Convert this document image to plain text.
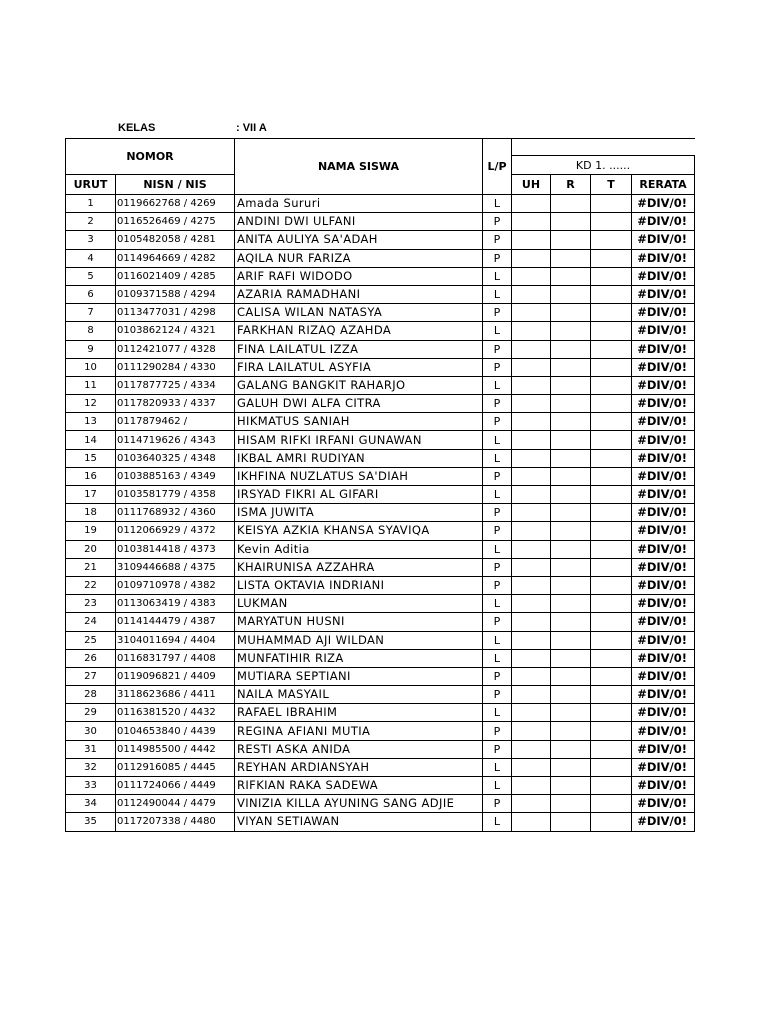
KELAS	: VII A
NOMOR		NAMA SISWA	L/P				
				KD 1. ......			
URUT	NISN / NIS			UH	R	T	RERATA
1	0119662768 / 4269	Amada Sururi	L				#DIV/0!
2	0116526469 / 4275	ANDINI DWI ULFANI	P				#DIV/0!
3	0105482058 / 4281	ANITA AULIYA SA'ADAH	P				#DIV/0!
4	0114964669 / 4282	AQILA NUR FARIZA	P				#DIV/0!
5	0116021409 / 4285	ARIF RAFI WIDODO	L				#DIV/0!
6	0109371588 / 4294	AZARIA RAMADHANI	L				#DIV/0!
7	0113477031 / 4298	CALISA WILAN NATASYA	P				#DIV/0!
8	0103862124 / 4321	FARKHAN RIZAQ AZAHDA	L				#DIV/0!
9	0112421077 / 4328	FINA LAILATUL IZZA	P				#DIV/0!
10	0111290284 / 4330	FIRA LAILATUL ASYFIA	P				#DIV/0!
11	0117877725 / 4334	GALANG BANGKIT RAHARJO	L				#DIV/0!
12	0117820933 / 4337	GALUH DWI ALFA CITRA	P				#DIV/0!
13	0117879462 /	HIKMATUS SANIAH	P				#DIV/0!
14	0114719626 / 4343	HISAM RIFKI IRFANI GUNAWAN	L				#DIV/0!
15	0103640325 / 4348	IKBAL AMRI RUDIYAN	L				#DIV/0!
16	0103885163 / 4349	IKHFINA NUZLATUS SA'DIAH	P				#DIV/0!
17	0103581779 / 4358	IRSYAD FIKRI AL GIFARI	L				#DIV/0!
18	0111768932 / 4360	ISMA JUWITA	P				#DIV/0!
19	0112066929 / 4372	KEISYA AZKIA KHANSA SYAVIQA	P				#DIV/0!
20	0103814418 / 4373	Kevin Aditia	L				#DIV/0!
21	3109446688 / 4375	KHAIRUNISA AZZAHRA	P				#DIV/0!
22	0109710978 / 4382	LISTA OKTAVIA INDRIANI	P				#DIV/0!
23	0113063419 / 4383	LUKMAN	L				#DIV/0!
24	0114144479 / 4387	MARYATUN HUSNI	P				#DIV/0!
25	3104011694 / 4404	MUHAMMAD AJI WILDAN	L				#DIV/0!
26	0116831797 / 4408	MUNFATIHIR RIZA	L				#DIV/0!
27	0119096821 / 4409	MUTIARA SEPTIANI	P				#DIV/0!
28	3118623686 / 4411	NAILA MASYAIL	P				#DIV/0!
29	0116381520 / 4432	RAFAEL IBRAHIM	L				#DIV/0!
30	0104653840 / 4439	REGINA AFIANI MUTIA	P				#DIV/0!
31	0114985500 / 4442	RESTI ASKA ANIDA	P				#DIV/0!
32	0112916085 / 4445	REYHAN ARDIANSYAH	L				#DIV/0!
33	0111724066 / 4449	RIFKIAN RAKA SADEWA	L				#DIV/0!
34	0112490044 / 4479	VINIZIA KILLA AYUNING SANG ADJIE	P				#DIV/0!
35	0117207338 / 4480	VIYAN SETIAWAN	L				#DIV/0!
